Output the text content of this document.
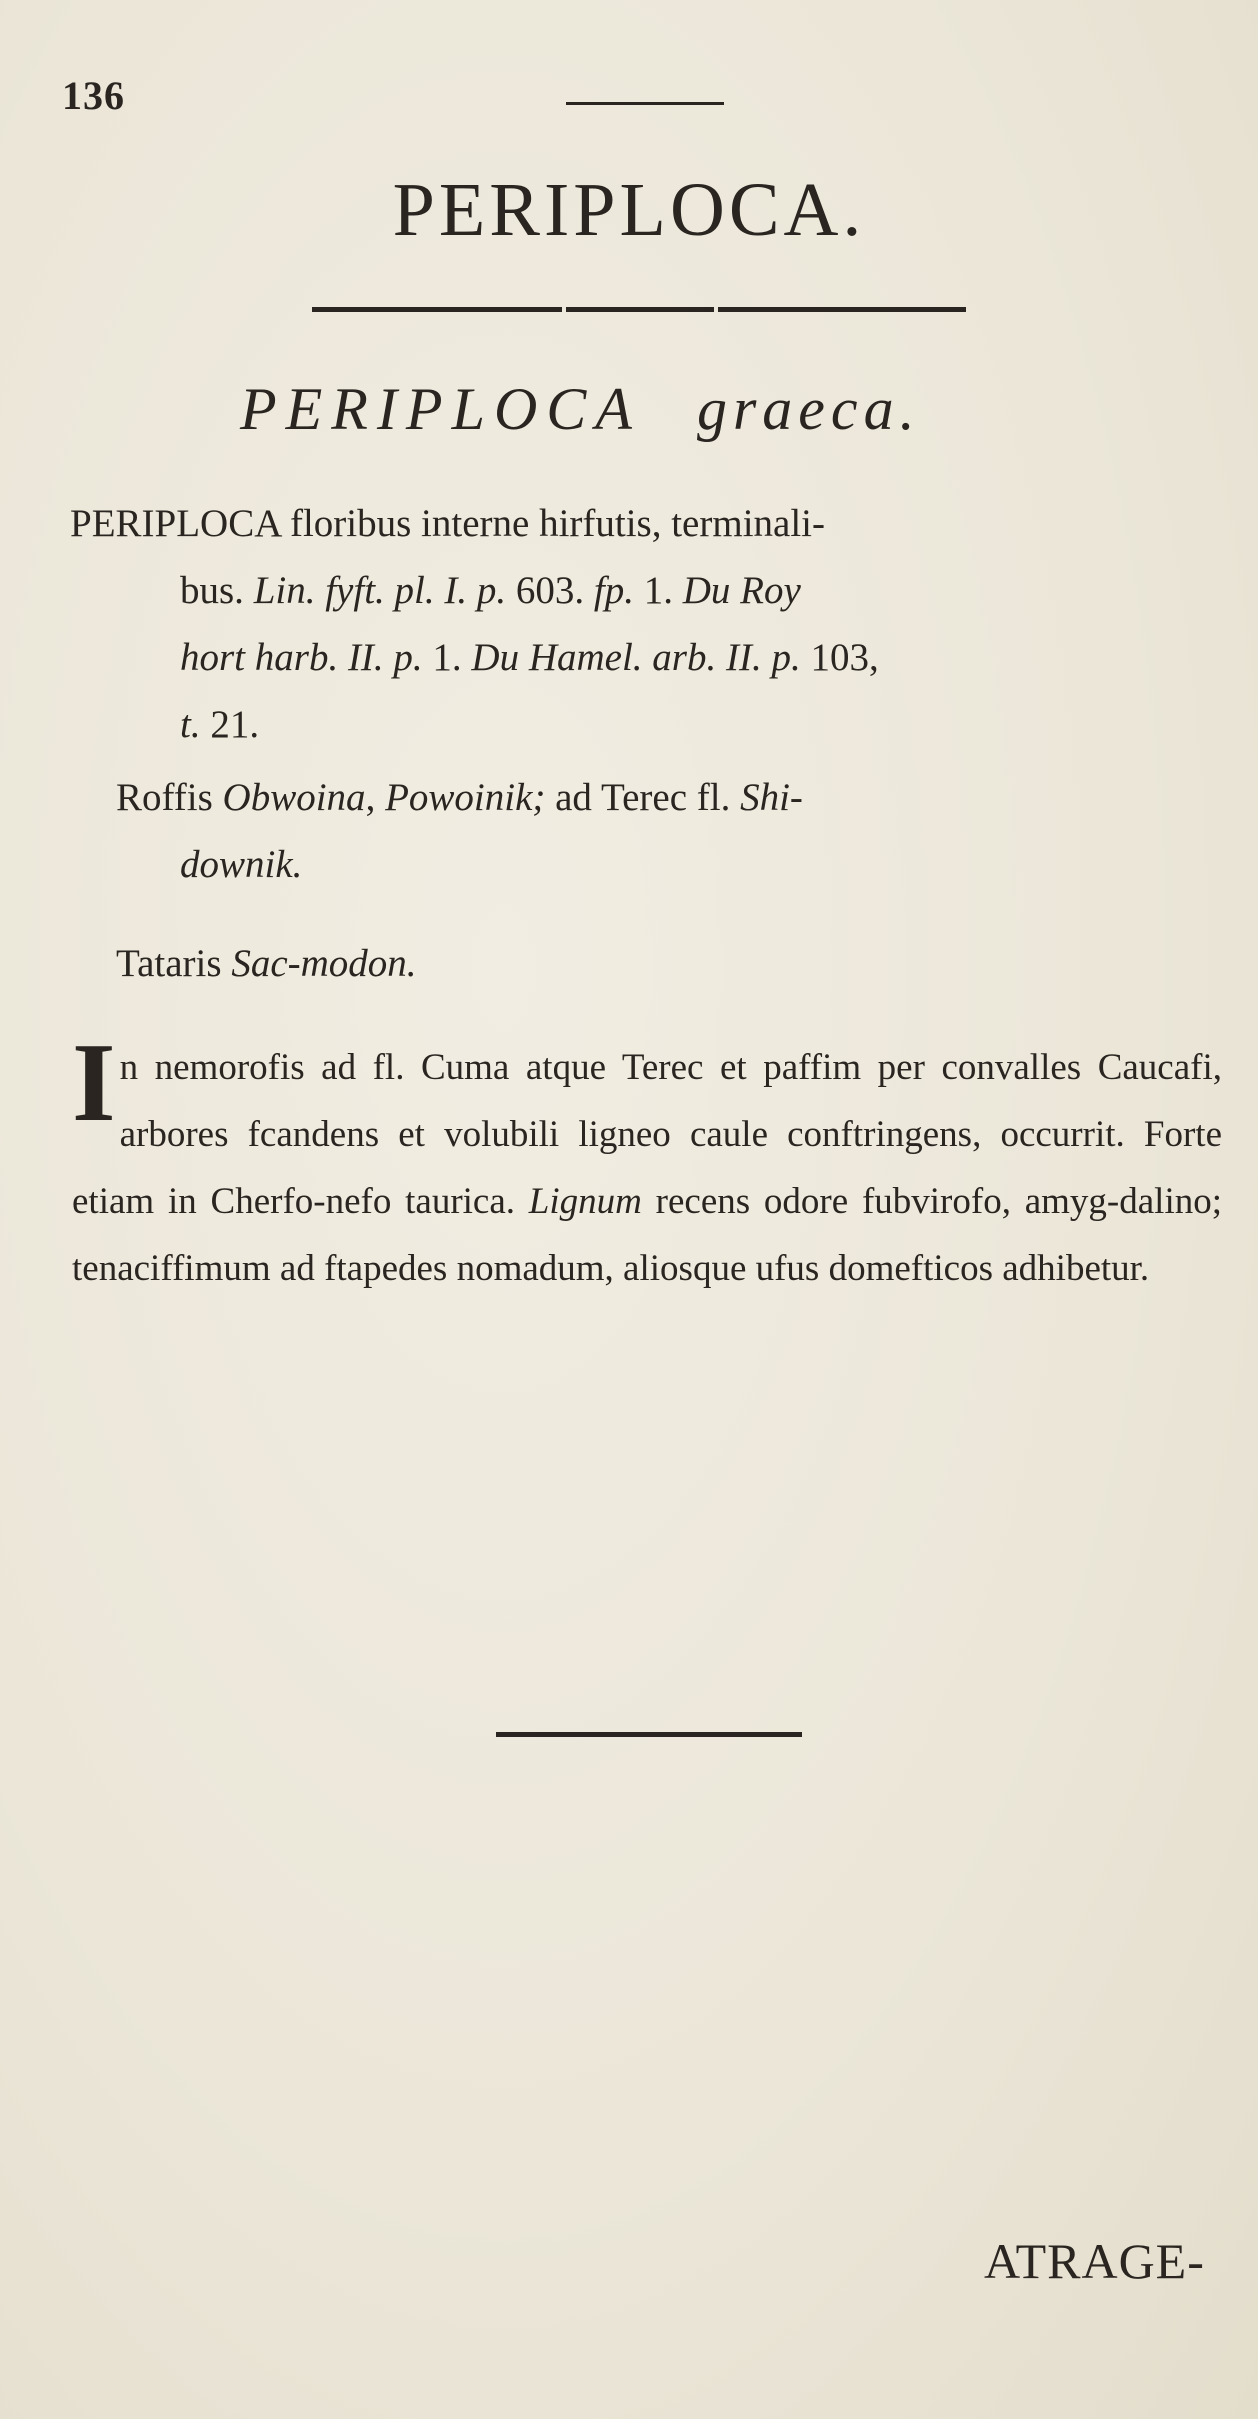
136
PERIPLOCA.
PERIPLOCA graeca.
PERIPLOCA floribus interne hirfutis, terminali-
bus. Lin. fyft. pl. I. p. 603. fp. 1. Du Roy
hort harb. II. p. 1. Du Hamel. arb. II. p. 103,
t. 21.
Roffis Obwoina, Powoinik; ad Terec fl. Shi-
downik.
Tataris Sac-modon.
In nemorofis ad fl. Cuma atque Terec et paffim per convalles Caucafi, arbores fcandens et volubili ligneo caule conftringens, occurrit. Forte etiam in Cherfo-nefo taurica. Lignum recens odore fubvirofo, amyg-dalino; tenaciffimum ad ftapedes nomadum, aliosque ufus domefticos adhibetur.
ATRAGE-
